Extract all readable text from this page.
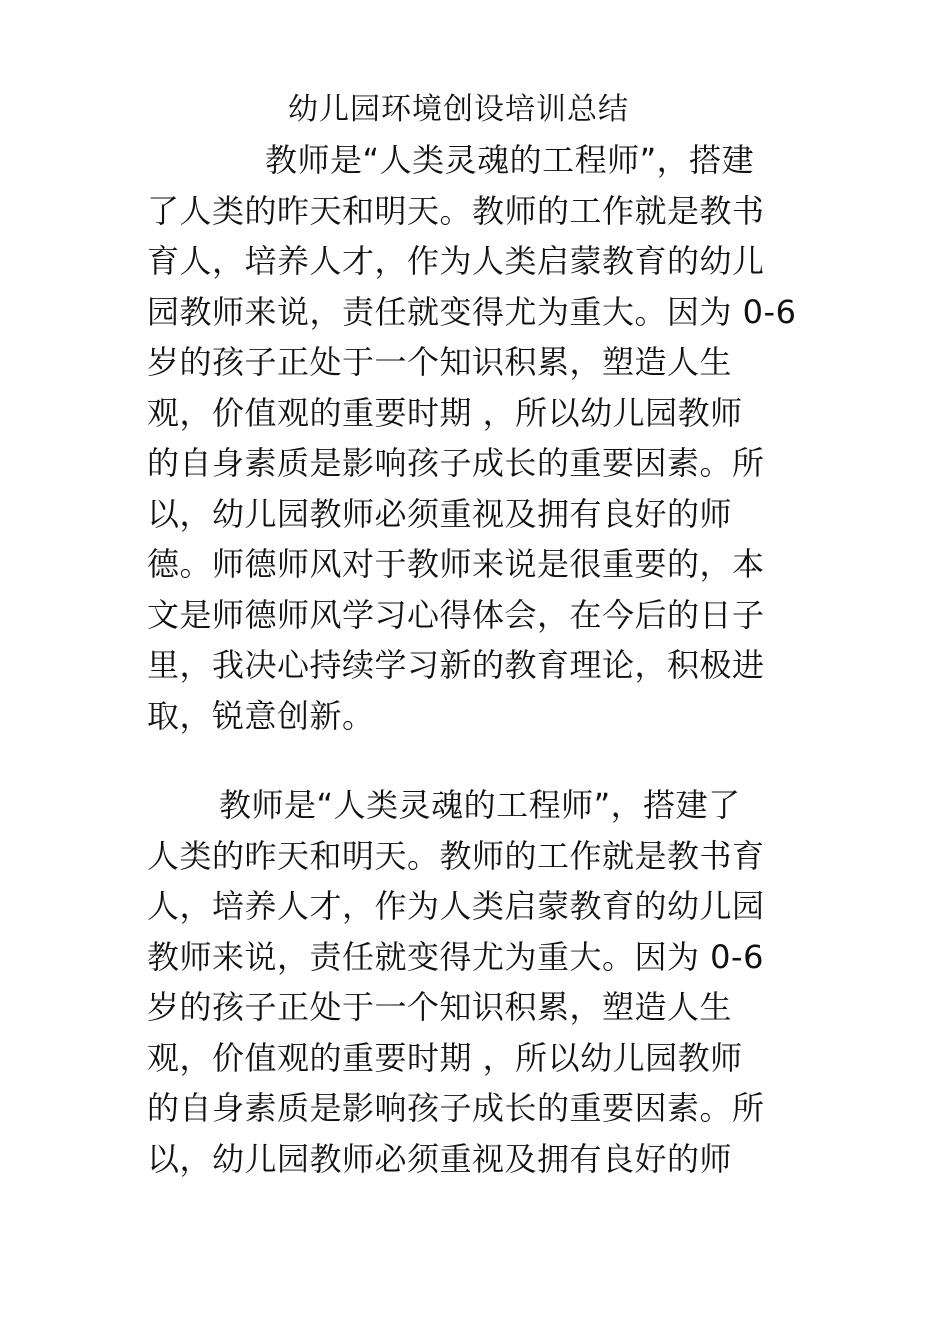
幼儿园环境创设培训总结
教师是“人类灵魂的工程师”，搭建
了人类的昨天和明天。教师的工作就是教书
育人，培养人才，作为人类启蒙教育的幼儿
园教师来说，责任就变得尤为重大。因为 0-6
岁的孩子正处于一个知识积累，塑造人生
观，价值观的重要时期 ，所以幼儿园教师
的自身素质是影响孩子成长的重要因素。所
以，幼儿园教师必须重视及拥有良好的师
德。师德师风对于教师来说是很重要的，本
文是师德师风学习心得体会，在今后的日子
里，我决心持续学习新的教育理论，积极进
取，锐意创新。
教师是“人类灵魂的工程师”，搭建了
人类的昨天和明天。教师的工作就是教书育
人，培养人才，作为人类启蒙教育的幼儿园
教师来说，责任就变得尤为重大。因为 0-6
岁的孩子正处于一个知识积累，塑造人生
观，价值观的重要时期 ，所以幼儿园教师
的自身素质是影响孩子成长的重要因素。所
以，幼儿园教师必须重视及拥有良好的师
